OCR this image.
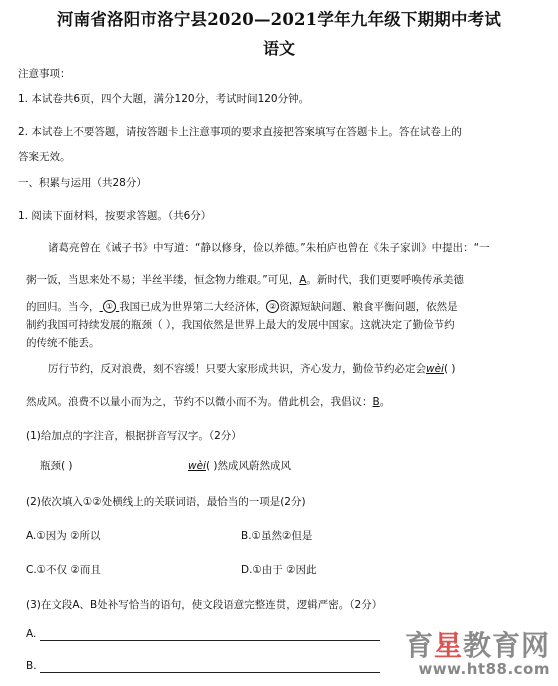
河南省洛阳市洛宁县2020—2021学年九年级下期期中考试
语文
注意事项：
1. 本试卷共6页，四个大题，满分120分，考试时间120分钟。
2. 本试卷上不要答题，请按答题卡上注意事项的要求直接把答案填写在答题卡上。答在试卷上的
答案无效。
一、积累与运用（共28分）
1. 阅读下面材料，按要求答题。（共6分）
诸葛亮曾在《诫子书》中写道：“静以修身，俭以养德。”朱柏庐也曾在《朱子家训》中提出：“一
粥一饭，当思来处不易；半丝半缕，恒念物力维艰。”可见，A。新时代，我们更要呼唤传承美德
的回归。当今， ① 我国已成为世界第二大经济体， ② 资源短缺问题、粮食平衡问题，依然是
制约我国可持续发展的瓶颈（ ），我国依然是世界上最大的发展中国家。这就决定了勤俭节约
的传统不能丢。
厉行节约，反对浪费，刻不容缓！只要大家形成共识，齐心发力，勤俭节约必定会wèi( )
然成风。浪费不以量小而为之，节约不以微小而不为。借此机会，我倡议：B。
(1)给加点的字注音，根据拼音写汉字。（2分）
瓶颈( )	wèi( )然成风蔚然成风
(2)依次填入①②处横线上的关联词语，最恰当的一项是(2分)
A.①因为 ②所以	B.①虽然②但是
C.①不仅 ②而且	D.①由于 ②因此
(3)在文段A、B处补写恰当的语句，使文段语意完整连贯，逻辑严密。（2分）
A.
B.
育星教育网
www.ht88.com
